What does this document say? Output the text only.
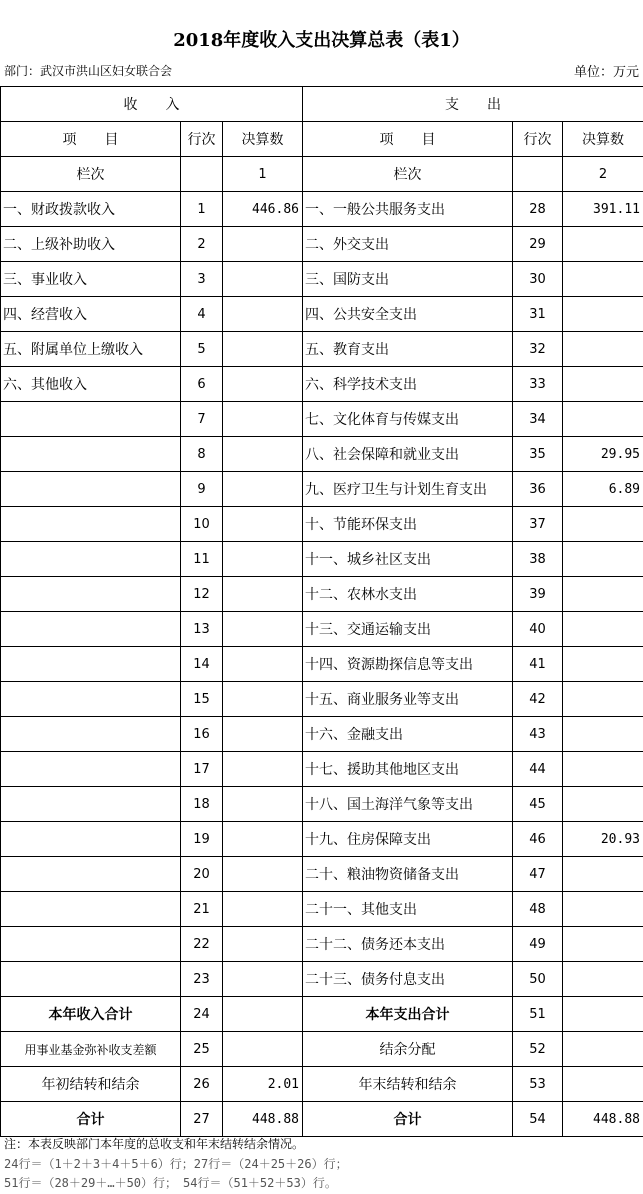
2018年度收入支出决算总表（表1）
部门：武汉市洪山区妇女联合会	单位：万元
收　　入			支　　出		
项　　目	行次	决算数	项　　目	行次	决算数
栏次		1	栏次		2
一、财政拨款收入	1	446.86	一、一般公共服务支出	28	391.11
二、上级补助收入	2		二、外交支出	29	
三、事业收入	3		三、国防支出	30	
四、经营收入	4		四、公共安全支出	31	
五、附属单位上缴收入	5		五、教育支出	32	
六、其他收入	6		六、科学技术支出	33	
	7		七、文化体育与传媒支出	34	
	8		八、社会保障和就业支出	35	29.95
	9		九、医疗卫生与计划生育支出	36	6.89
	10		十、节能环保支出	37	
	11		十一、城乡社区支出	38	
	12		十二、农林水支出	39	
	13		十三、交通运输支出	40	
	14		十四、资源勘探信息等支出	41	
	15		十五、商业服务业等支出	42	
	16		十六、金融支出	43	
	17		十七、援助其他地区支出	44	
	18		十八、国土海洋气象等支出	45	
	19		十九、住房保障支出	46	20.93
	20		二十、粮油物资储备支出	47	
	21		二十一、其他支出	48	
	22		二十二、债务还本支出	49	
	23		二十三、债务付息支出	50	
本年收入合计	24		本年支出合计	51	
用事业基金弥补收支差额	25		结余分配	52	
年初结转和结余	26	2.01	年末结转和结余	53	
合计	27	448.88	合计	54	448.88
注：本表反映部门本年度的总收支和年末结转结余情况。
24行＝（1＋2＋3＋4＋5＋6）行；27行＝（24＋25＋26）行；
51行＝（28＋29＋…＋50）行；　54行＝（51＋52＋53）行。
